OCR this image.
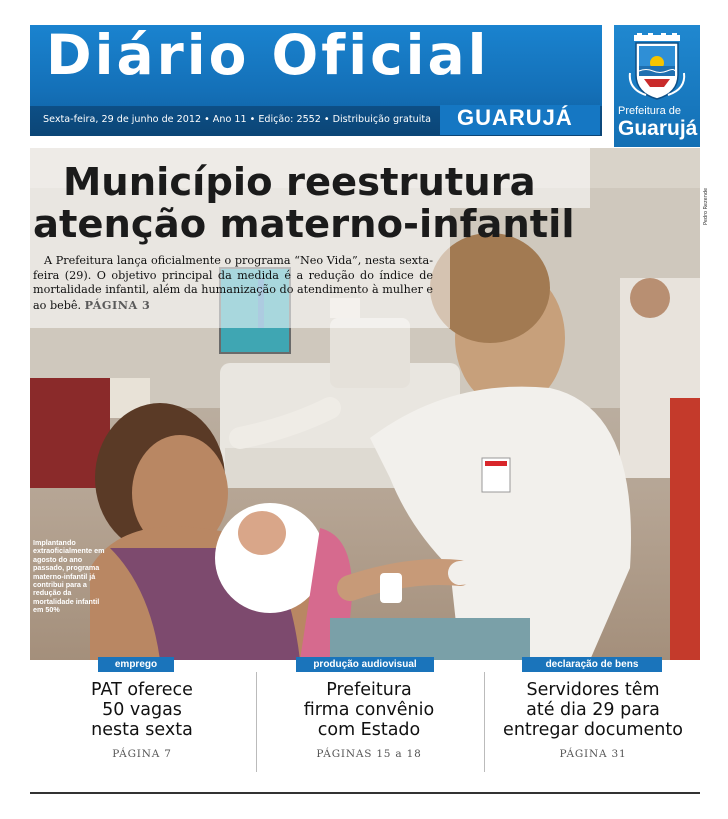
Diário Oficial
Sexta-feira, 29 de junho de 2012 • Ano 11 • Edição: 2552 • Distribuição gratuita GUARUJÁ	Prefeitura de
Guarujá
Município reestrutura
atenção materno-infantil
A Prefeitura lança oficialmente o programa “Neo Vida”, nesta sexta-feira (29). O objetivo principal da medida é a redução do índice de mortalidade infantil, além da humanização do atendimento à mulher e ao bebê. PÁGINA 3
Pedro Rezende
Implantando extraoficialmente em agosto do ano passado, programa materno-infantil já contribui para a redução da mortalidade infantil em 50%
emprego
PAT oferece
50 vagas
nesta sexta
PÁGINA 7
produção audiovisual
Prefeitura
firma convênio
com Estado
PÁGINAS 15 a 18
declaração de bens
Servidores têm
até dia 29 para
entregar documento
PÁGINA 31
